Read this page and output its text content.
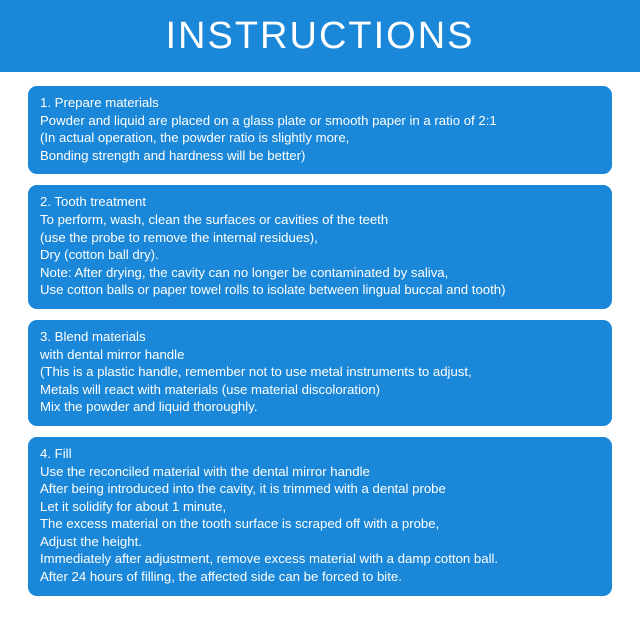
INSTRUCTIONS
1. Prepare materials
Powder and liquid are placed on a glass plate or smooth paper in a ratio of 2:1
(In actual operation, the powder ratio is slightly more,
Bonding strength and hardness will be better)
2. Tooth treatment
To perform, wash, clean the surfaces or cavities of the teeth
(use the probe to remove the internal residues),
Dry (cotton ball dry).
Note: After drying, the cavity can no longer be contaminated by saliva,
Use cotton balls or paper towel rolls to isolate between lingual buccal and tooth)
3. Blend materials
with dental mirror handle
(This is a plastic handle, remember not to use metal instruments to adjust,
Metals will react with materials (use material discoloration)
Mix the powder and liquid thoroughly.
4. Fill
Use the reconciled material with the dental mirror handle
After being introduced into the cavity, it is trimmed with a dental probe
Let it solidify for about 1 minute,
The excess material on the tooth surface is scraped off with a probe,
Adjust the height.
Immediately after adjustment, remove excess material with a damp cotton ball.
After 24 hours of filling, the affected side can be forced to bite.
